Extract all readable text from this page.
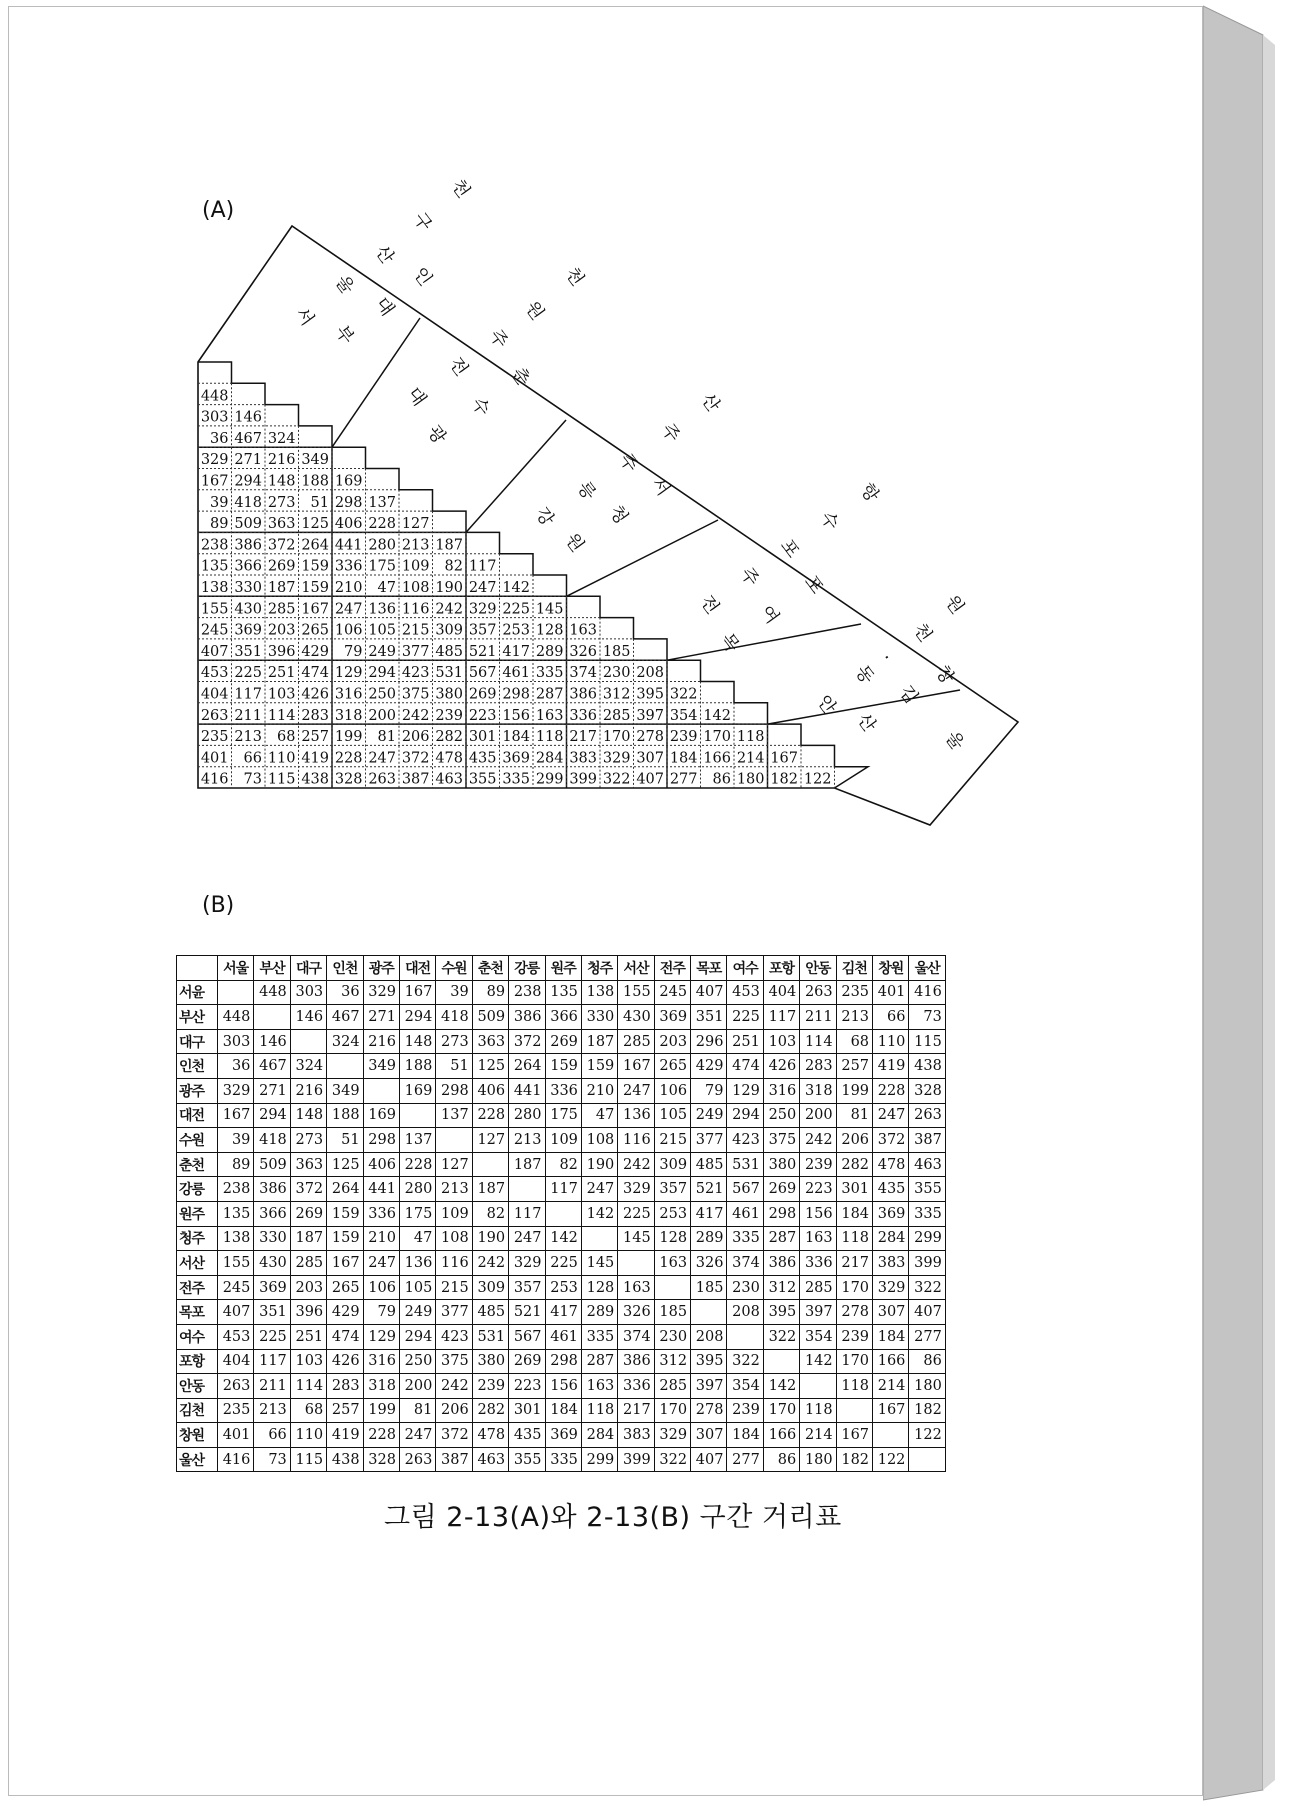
(A)
(B)
448
303 146
36 467 324
329 271 216 349
167 294 148 188 169
39 418 273 51 298 137
89 509 363 125 406 228 127
238 386 372 264 441 280 213 187
135 366 269 159 336 175 109 82 117
138 330 187 159 210 47 108 190 247 142
155 430 285 167 247 136 116 242 329 225 145
245 369 203 265 106 105 215 309 357 253 128 163
407 351 396 429 79 249 377 485 521 417 289 326 185
453 225 251 474 129 294 423 531 567 461 335 374 230 208
404 117 103 426 316 250 375 380 269 298 287 386 312 395 322
263 211 114 283 318 200 242 239 223 156 163 336 285 397 354 142
235 213 68 257 199 81 206 282 301 184 118 217 170 278 239 170 118
401 66 110 419 228 247 372 478 435 369 284 383 329 307 184 166 214 167
416 73 115 438 328 263 387 463 355 335 299 399 322 407 277 86 180 182 122
서
울
산
구
천
부
대
인
대
전
주
원
천
광
수
춘
강
릉
주
주
산
원
청
서
전
주
포
수
항
목
여
포
안
동
.
천
원
산
김
창
울
	서울	부산	대구	인천	광주	대전	수원	춘천	강릉	원주	청주	서산	전주	목포	여수	포항	안동	김천	창원	울산
서윤		448	303	36	329	167	39	89	238	135	138	155	245	407	453	404	263	235	401	416
부산	448		146	467	271	294	418	509	386	366	330	430	369	351	225	117	211	213	66	73
대구	303	146		324	216	148	273	363	372	269	187	285	203	296	251	103	114	68	110	115
인천	36	467	324		349	188	51	125	264	159	159	167	265	429	474	426	283	257	419	438
광주	329	271	216	349		169	298	406	441	336	210	247	106	79	129	316	318	199	228	328
대전	167	294	148	188	169		137	228	280	175	47	136	105	249	294	250	200	81	247	263
수원	39	418	273	51	298	137		127	213	109	108	116	215	377	423	375	242	206	372	387
춘천	89	509	363	125	406	228	127		187	82	190	242	309	485	531	380	239	282	478	463
강릉	238	386	372	264	441	280	213	187		117	247	329	357	521	567	269	223	301	435	355
원주	135	366	269	159	336	175	109	82	117		142	225	253	417	461	298	156	184	369	335
청주	138	330	187	159	210	47	108	190	247	142		145	128	289	335	287	163	118	284	299
서산	155	430	285	167	247	136	116	242	329	225	145		163	326	374	386	336	217	383	399
전주	245	369	203	265	106	105	215	309	357	253	128	163		185	230	312	285	170	329	322
목포	407	351	396	429	79	249	377	485	521	417	289	326	185		208	395	397	278	307	407
여수	453	225	251	474	129	294	423	531	567	461	335	374	230	208		322	354	239	184	277
포항	404	117	103	426	316	250	375	380	269	298	287	386	312	395	322		142	170	166	86
안동	263	211	114	283	318	200	242	239	223	156	163	336	285	397	354	142		118	214	180
김천	235	213	68	257	199	81	206	282	301	184	118	217	170	278	239	170	118		167	182
창원	401	66	110	419	228	247	372	478	435	369	284	383	329	307	184	166	214	167		122
울산	416	73	115	438	328	263	387	463	355	335	299	399	322	407	277	86	180	182	122	
그림 2-13(A)와 2-13(B) 구간 거리표
